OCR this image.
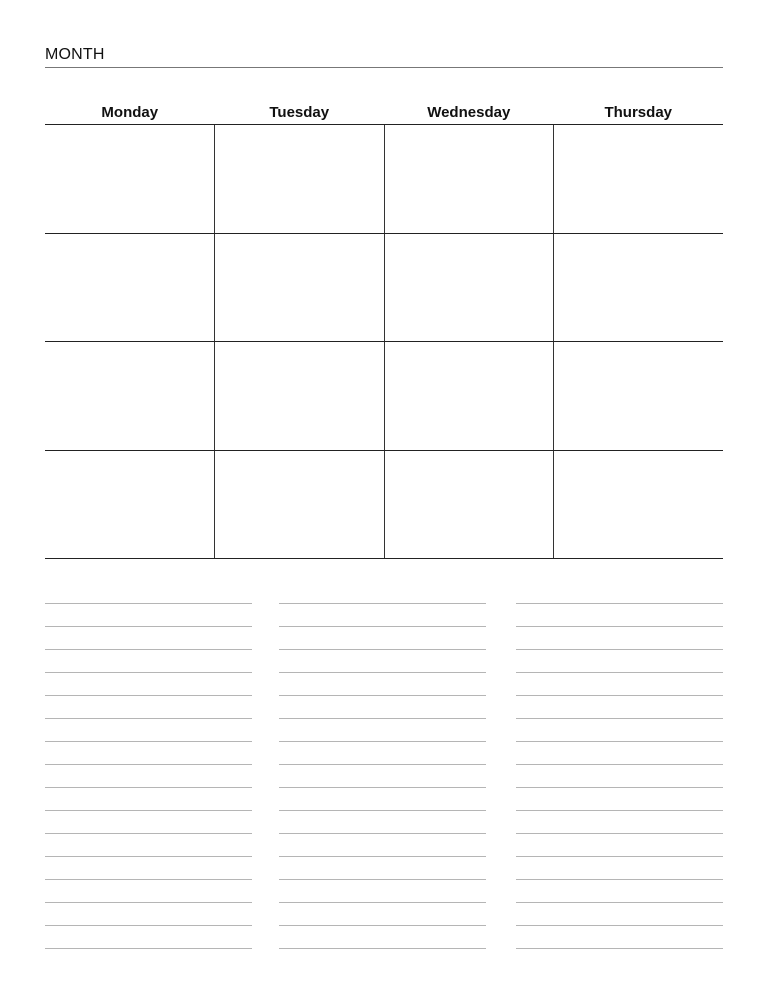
MONTH
Monday	Tuesday	Wednesday	Thursday
